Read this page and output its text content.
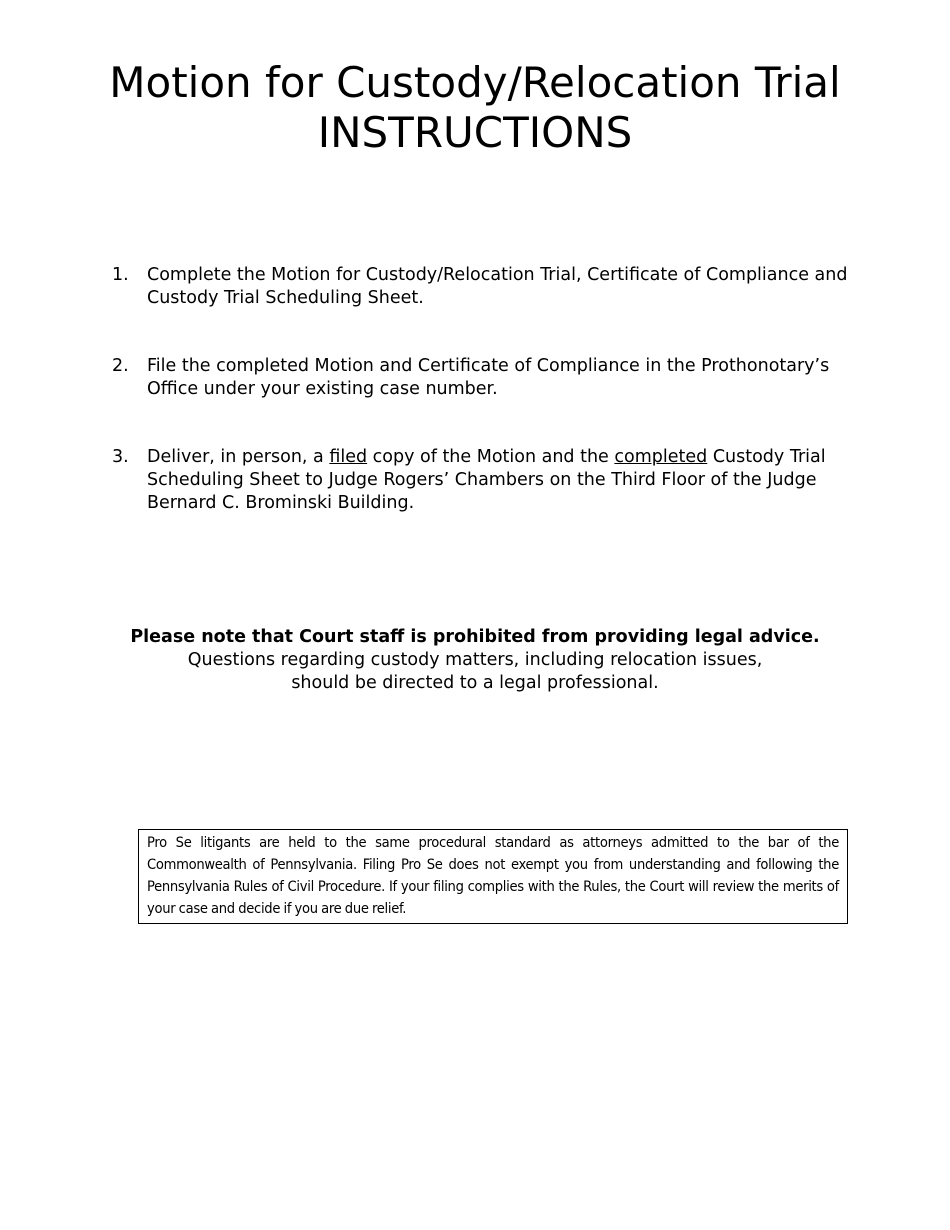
Motion for Custody/Relocation Trial
INSTRUCTIONS
1. Complete the Motion for Custody/Relocation Trial, Certificate of Compliance and Custody Trial Scheduling Sheet.
2. File the completed Motion and Certificate of Compliance in the Prothonotary’s Office under your existing case number.
3. Deliver, in person, a filed copy of the Motion and the completed Custody Trial Scheduling Sheet to Judge Rogers’ Chambers on the Third Floor of the Judge Bernard C. Brominski Building.
Please note that Court staff is prohibited from providing legal advice.
Questions regarding custody matters, including relocation issues,
should be directed to a legal professional.
Pro Se litigants are held to the same procedural standard as attorneys admitted to the bar of the Commonwealth of Pennsylvania. Filing Pro Se does not exempt you from understanding and following the Pennsylvania Rules of Civil Procedure. If your filing complies with the Rules, the Court will review the merits of your case and decide if you are due relief.
